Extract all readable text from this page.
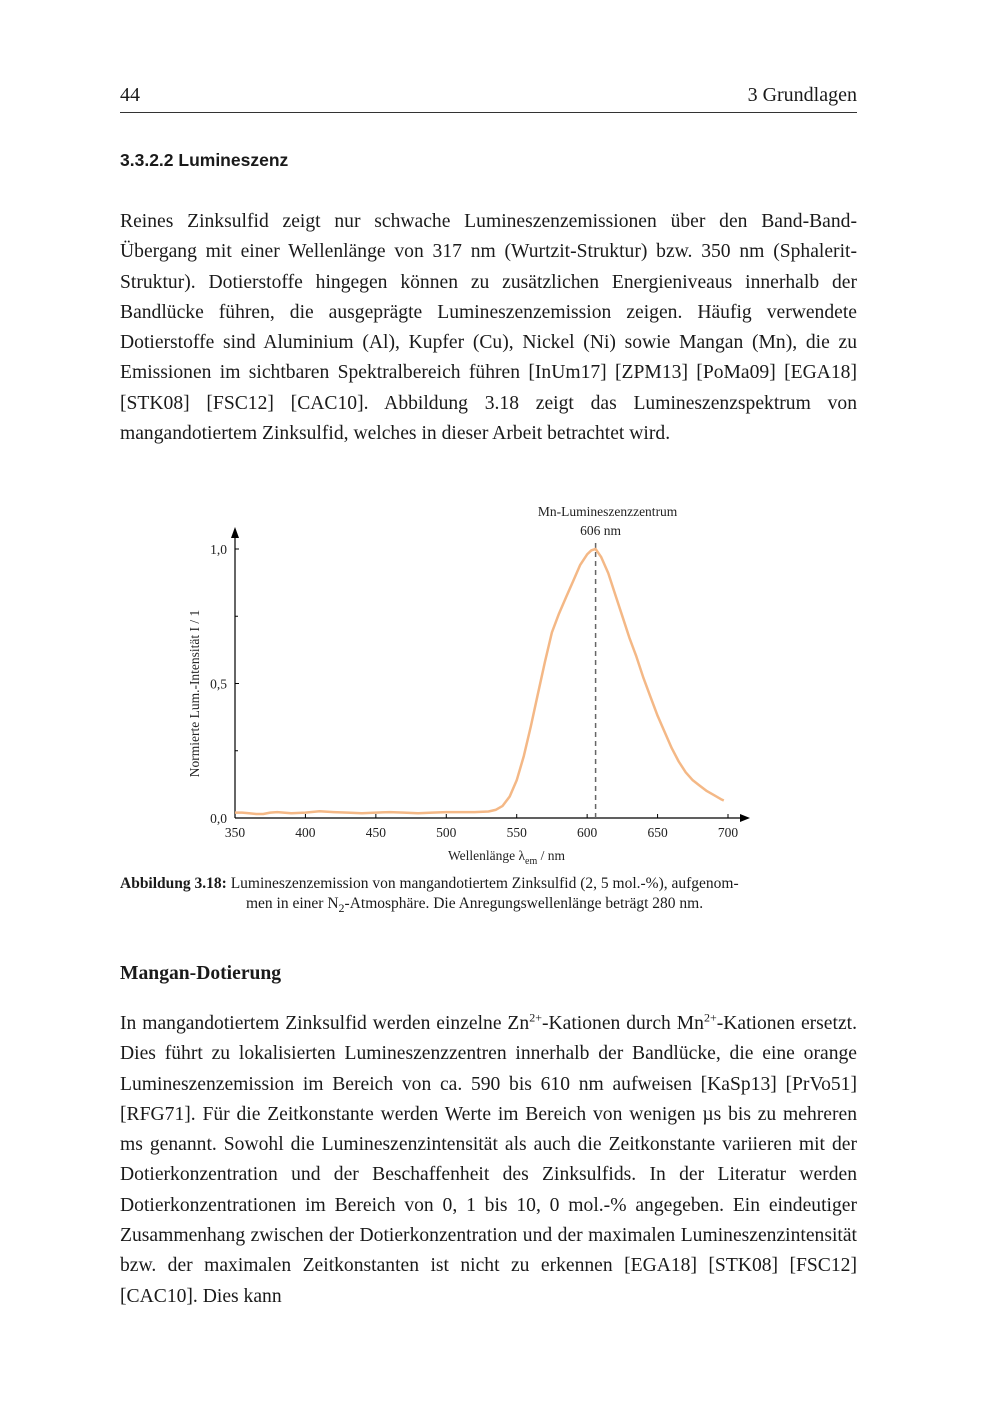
44	3 Grundlagen
3.3.2.2 Lumineszenz
Reines Zinksulfid zeigt nur schwache Lumineszenzemissionen über den Band-Band-Übergang mit einer Wellenlänge von 317 nm (Wurtzit-Struktur) bzw. 350 nm (Sphalerit-Struktur). Dotierstoffe hingegen können zu zusätzlichen Energieniveaus innerhalb der Bandlücke führen, die ausgeprägte Lumineszenzemission zeigen. Häufig verwendete Dotierstoffe sind Aluminium (Al), Kupfer (Cu), Nickel (Ni) sowie Mangan (Mn), die zu Emissionen im sichtbaren Spektralbereich führen [InUm17] [ZPM13] [PoMa09] [EGA18] [STK08] [FSC12] [CAC10]. Abbildung 3.18 zeigt das Lumineszenzspektrum von mangandotiertem Zinksulfid, welches in dieser Arbeit betrachtet wird.
350	400	450	500	550	600	650	700
0,0
0,5
1,0
Normierte Lum.-Intensität I / 1
Wellenlänge $\lambda_{em}$ / nm
Mn-Lumineszenzzentrum
606 nm
Abbildung 3.18: Lumineszenzemission von mangandotiertem Zinksulfid (2, 5 mol.-%), aufgenom-
men in einer $N_2$-Atmosphäre. Die Anregungswellenlänge beträgt 280 nm.
Mangan-Dotierung
In mangandotiertem Zinksulfid werden einzelne $Zn^{2+}$-Kationen durch $Mn^{2+}$-Kationen ersetzt. Dies führt zu lokalisierten Lumineszenzzentren innerhalb der Bandlücke, die eine orange Lumineszenzemission im Bereich von ca. 590 bis 610 nm aufweisen [KaSp13] [PrVo51] [RFG71]. Für die Zeitkonstante werden Werte im Bereich von wenigen µs bis zu mehreren ms genannt. Sowohl die Lumineszenzintensität als auch die Zeitkonstante variieren mit der Dotierkonzentration und der Beschaffenheit des Zinksulfids. In der Literatur werden Dotierkonzentrationen im Bereich von 0, 1 bis 10, 0 mol.-% angegeben. Ein eindeutiger Zusammenhang zwischen der Dotierkonzentration und der maximalen Lumineszenzintensität bzw. der maximalen Zeitkonstanten ist nicht zu erkennen [EGA18] [STK08] [FSC12] [CAC10]. Dies kann
